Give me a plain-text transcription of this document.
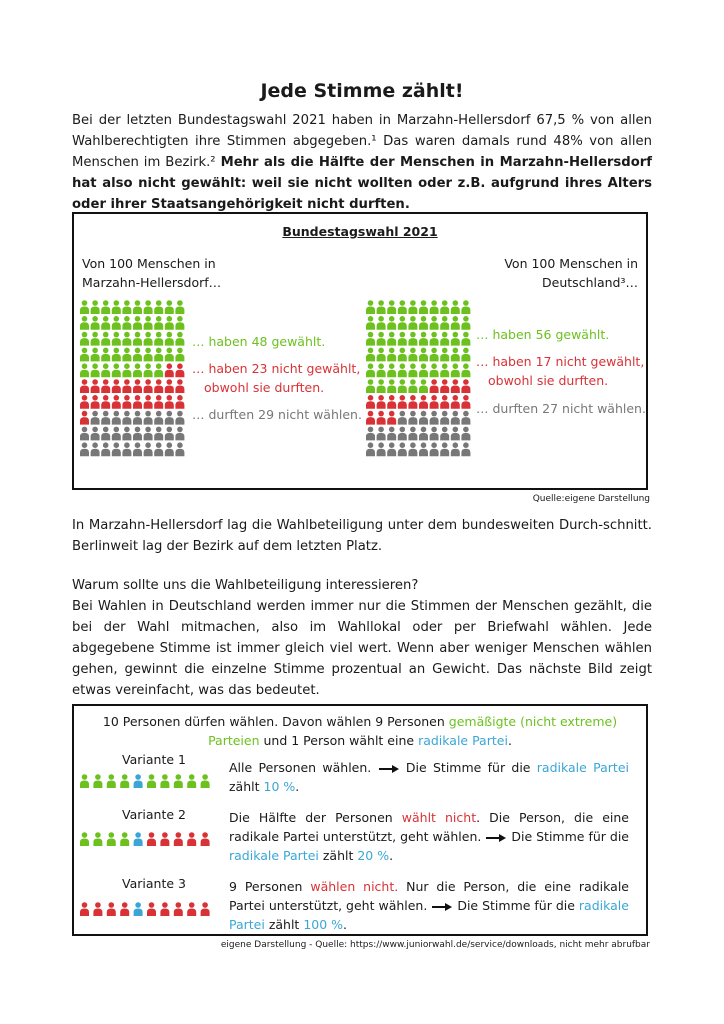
Jede Stimme zählt!
Bei der letzten Bundestagswahl 2021 haben in Marzahn-Hellersdorf 67,5 % von allen Wahlberechtigten ihre Stimmen abgegeben.¹ Das waren damals rund 48% von allen Menschen im Bezirk.² Mehr als die Hälfte der Menschen in Marzahn-Hellersdorf hat also nicht gewählt: weil sie nicht wollten oder z.B. aufgrund ihres Alters oder ihrer Staatsangehörigkeit nicht durften.
Bundestagswahl 2021
Von 100 Menschen in
Marzahn-Hellersdorf…
Von 100 Menschen in
Deutschland³…
… haben 48 gewählt.
… haben 23 nicht gewählt,
obwohl sie durften.
… durften 29 nicht wählen.
… haben 56 gewählt.
… haben 17 nicht gewählt,
obwohl sie durften.
… durften 27 nicht wählen.
Quelle:eigene Darstellung
In Marzahn-Hellersdorf lag die Wahlbeteiligung unter dem bundesweiten Durch-schnitt. Berlinweit lag der Bezirk auf dem letzten Platz.
Warum sollte uns die Wahlbeteiligung interessieren?
Bei Wahlen in Deutschland werden immer nur die Stimmen der Menschen gezählt, die bei der Wahl mitmachen, also im Wahllokal oder per Briefwahl wählen. Jede abgegebene Stimme ist immer gleich viel wert. Wenn aber weniger Menschen wählen gehen, gewinnt die einzelne Stimme prozentual an Gewicht. Das nächste Bild zeigt etwas vereinfacht, was das bedeutet.
10 Personen dürfen wählen. Davon wählen 9 Personen gemäßigte (nicht extreme) Parteien und 1 Person wählt eine radikale Partei.
Variante 1
Alle Personen wählen.	Die Stimme für die radikale Partei zählt 10 %.
Variante 2	Die Hälfte der Personen wählt nicht. Die Person, die eine radikale Partei unterstützt, geht wählen.  Die Stimme für die radikale Partei zählt 20 %.
Variante 3	9 Personen wählen nicht. Nur die Person, die eine radikale Partei unterstützt, geht wählen.  Die Stimme für die radikale Partei zählt 100 %.
eigene Darstellung - Quelle: https://www.juniorwahl.de/service/downloads, nicht mehr abrufbar
